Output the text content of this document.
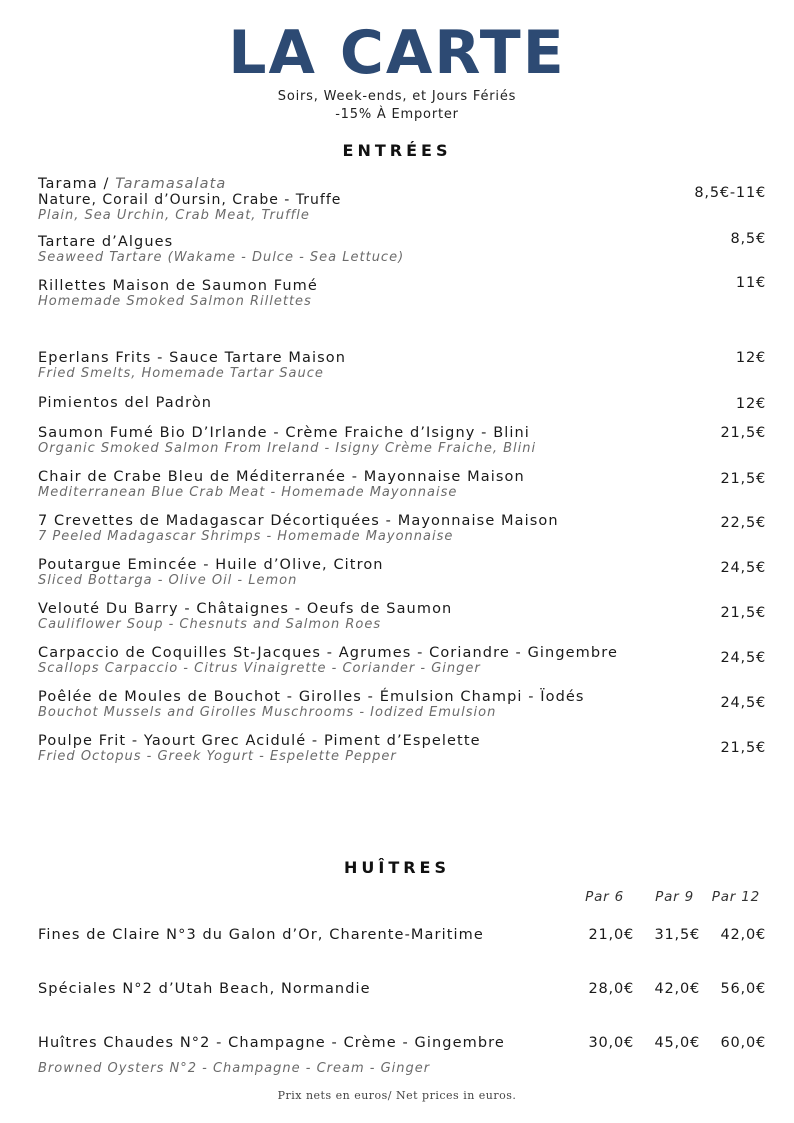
LA CARTE
Soirs, Week-ends, et Jours Fériés
-15% À Emporter
ENTRÉES
Tarama / Taramasalata
Nature, Corail d’Oursin, Crabe - Truffe
Plain, Sea Urchin, Crab Meat, Truffle
8,5€-11€
Tartare d’Algues
Seaweed Tartare (Wakame - Dulce - Sea Lettuce)
8,5€
Rillettes Maison de Saumon Fumé
Homemade Smoked Salmon Rillettes
11€
Eperlans Frits - Sauce Tartare Maison
Fried Smelts, Homemade Tartar Sauce
12€
Pimientos del Padròn	12€
Saumon Fumé Bio D’Irlande - Crème Fraiche d’Isigny - Blini
Organic Smoked Salmon From Ireland - Isigny Crème Fraiche, Blini
21,5€
Chair de Crabe Bleu de Méditerranée - Mayonnaise Maison
Mediterranean Blue Crab Meat - Homemade Mayonnaise
21,5€
7 Crevettes de Madagascar Décortiquées - Mayonnaise Maison
7 Peeled Madagascar Shrimps - Homemade Mayonnaise
22,5€
Poutargue Emincée - Huile d’Olive, Citron
Sliced Bottarga - Olive Oil - Lemon
24,5€
Velouté Du Barry - Châtaignes - Oeufs de Saumon
Cauliflower Soup - Chesnuts and Salmon Roes
21,5€
Carpaccio de Coquilles St-Jacques - Agrumes - Coriandre - Gingembre
Scallops Carpaccio - Citrus Vinaigrette - Coriander - Ginger
24,5€
Poêlée de Moules de Bouchot - Girolles - Émulsion Champi - Ïodés
Bouchot Mussels and Girolles Muschrooms - Iodized Emulsion
24,5€
Poulpe Frit - Yaourt Grec Acidulé - Piment d’Espelette
Fried Octopus - Greek Yogurt - Espelette Pepper
21,5€
HUÎTRES
Par 6	Par 9	Par 12
Fines de Claire N°3 du Galon d’Or, Charente-Maritime	21,0€	31,5€	42,0€
Spéciales N°2 d’Utah Beach, Normandie	28,0€	42,0€	56,0€
Huîtres Chaudes N°2 - Champagne - Crème - Gingembre	30,0€	45,0€	60,0€
Browned Oysters N°2 - Champagne - Cream - Ginger
Prix nets en euros/ Net prices in euros.
